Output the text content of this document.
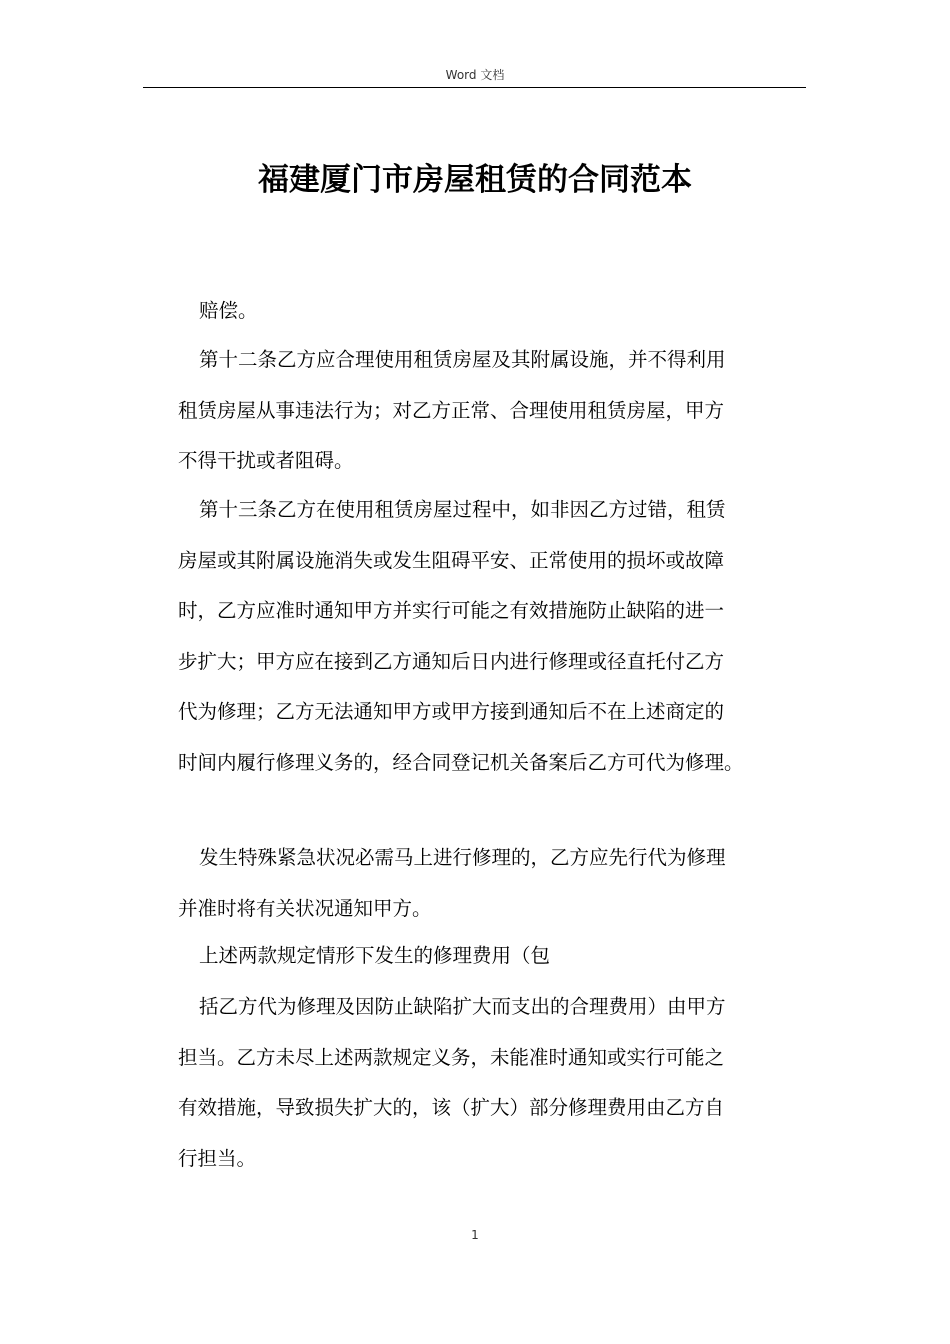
Word 文档
福建厦门市房屋租赁的合同范本
赔偿。
第十二条乙方应合理使用租赁房屋及其附属设施，并不得利用
租赁房屋从事违法行为；对乙方正常、合理使用租赁房屋，甲方
不得干扰或者阻碍。
第十三条乙方在使用租赁房屋过程中，如非因乙方过错，租赁
房屋或其附属设施消失或发生阻碍平安、正常使用的损坏或故障
时，乙方应准时通知甲方并实行可能之有效措施防止缺陷的进一
步扩大；甲方应在接到乙方通知后日内进行修理或径直托付乙方
代为修理；乙方无法通知甲方或甲方接到通知后不在上述商定的
时间内履行修理义务的，经合同登记机关备案后乙方可代为修理。
发生特殊紧急状况必需马上进行修理的，乙方应先行代为修理
并准时将有关状况通知甲方。
上述两款规定情形下发生的修理费用（包
括乙方代为修理及因防止缺陷扩大而支出的合理费用）由甲方
担当。乙方未尽上述两款规定义务，未能准时通知或实行可能之
有效措施，导致损失扩大的，该（扩大）部分修理费用由乙方自
行担当。
1
